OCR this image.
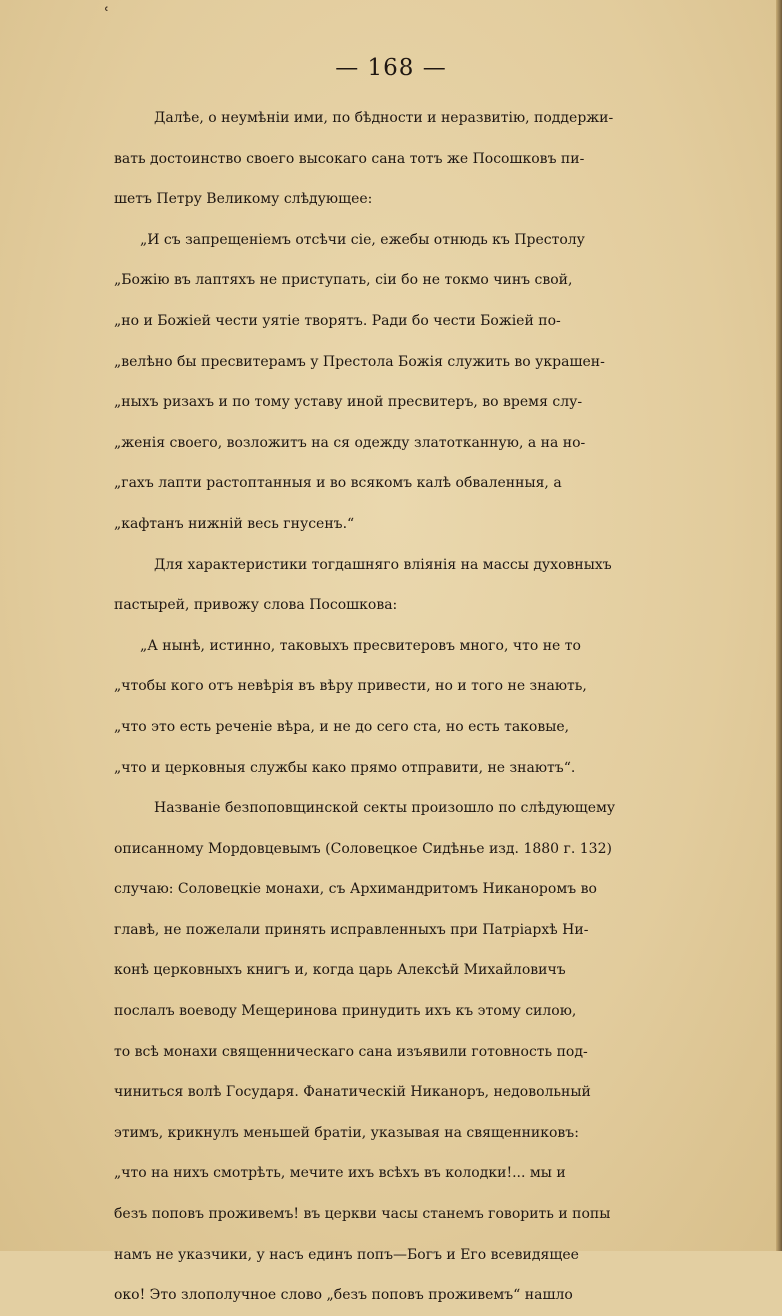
ʿ
— 168 —
Далѣе, о неумѣніи ими, по бѣдности и неразвитію, поддержи-
вать достоинство своего высокаго сана тотъ же Посошковъ пи-
шетъ Петру Великому слѣдующее:
„И съ запрещеніемъ отсѣчи сіе, ежебы отнюдь къ Престолу
„Божію въ лаптяхъ не приступать, сіи бо не токмо чинъ свой,
„но и Божіей чести уятіе творятъ. Ради бо чести Божіей по-
„велѣно бы пресвитерамъ у Престола Божія служить во украшен-
„ныхъ ризахъ и по тому уставу иной пресвитеръ, во время слу-
„женія своего, возложитъ на ся одежду златотканную, а на но-
„гахъ лапти растоптанныя и во всякомъ калѣ обваленныя, а
„кафтанъ нижній весь гнусенъ.“
Для характеристики тогдашняго вліянія на массы духовныхъ
пастырей, привожу слова Посошкова:
„А нынѣ, истинно, таковыхъ пресвитеровъ много, что не то
„чтобы кого отъ невѣрія въ вѣру привести, но и того не знають,
„что это есть реченіе вѣра, и не до сего ста, но есть таковые,
„что и церковныя службы како прямо отправити, не знаютъ“.
Названіе безпоповщинской секты произошло по слѣдующему
описанному Мордовцевымъ (Соловецкое Сидѣнье изд. 1880 г. 132)
случаю: Соловецкіе монахи, съ Архимандритомъ Никаноромъ во
главѣ, не пожелали принять исправленныхъ при Патріархѣ Ни-
конѣ церковныхъ книгъ и, когда царь Алексѣй Михайловичъ
послалъ воеводу Мещеринова принудить ихъ къ этому силою,
то всѣ монахи священническаго сана изъявили готовность под-
чиниться волѣ Государя. Фанатическій Никаноръ, недовольный
этимъ, крикнулъ меньшей братіи, указывая на священниковъ:
„что на нихъ смотрѣть, мечите ихъ всѣхъ въ колодки!... мы и
безъ поповъ проживемъ! въ церкви часы станемъ говорить и попы
намъ не указчики, у насъ единъ попъ—Богъ и Его всевидящее
око! Это злополучное слово „безъ поповъ проживемъ“ нашло
